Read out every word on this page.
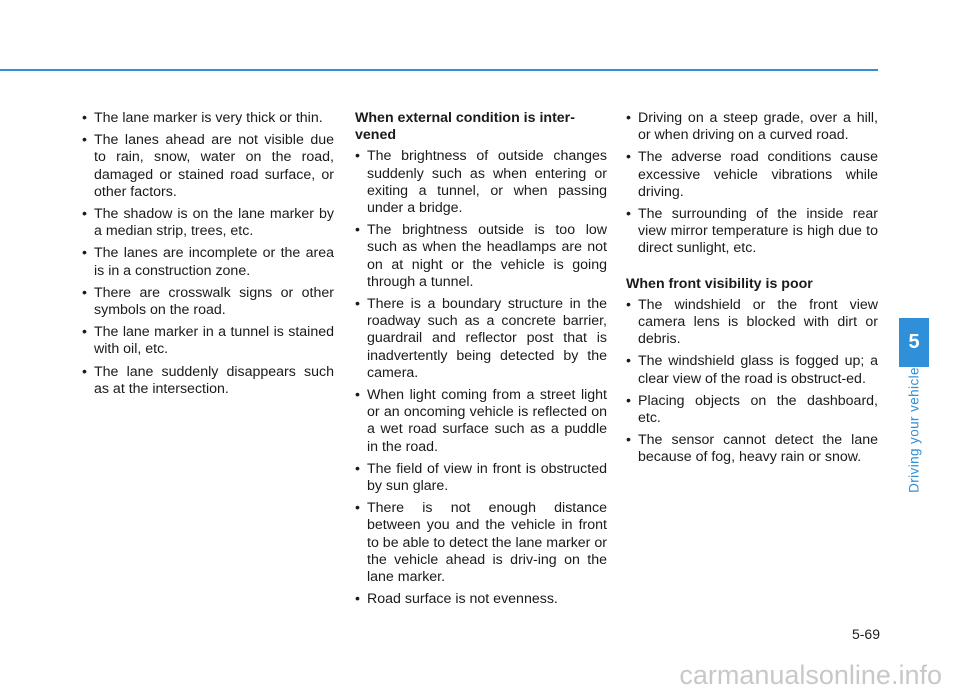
• The lane marker is very thick or thin.
• The lanes ahead are not visible due to rain, snow, water on the road, damaged or stained road surface, or other factors.
• The shadow is on the lane marker by a median strip, trees, etc.
• The lanes are incomplete or the area is in a construction zone.
• There are crosswalk signs or other symbols on the road.
• The lane marker in a tunnel is stained with oil, etc.
• The lane suddenly disappears such as at the intersection.
When external condition is inter-vened
• The brightness of outside changes suddenly such as when entering or exiting a tunnel, or when passing under a bridge.
• The brightness outside is too low such as when the headlamps are not on at night or the vehicle is going through a tunnel.
• There is a boundary structure in the roadway such as a concrete barrier, guardrail and reflector post that is inadvertently being detected by the camera.
• When light coming from a street light or an oncoming vehicle is reflected on a wet road surface such as a puddle in the road.
• The field of view in front is obstructed by sun glare.
• There is not enough distance between you and the vehicle in front to be able to detect the lane marker or the vehicle ahead is driv-ing on the lane marker.
• Road surface is not evenness.
• Driving on a steep grade, over a hill, or when driving on a curved road.
• The adverse road conditions cause excessive vehicle vibrations while driving.
• The surrounding of the inside rear view mirror temperature is high due to direct sunlight, etc.
When front visibility is poor
• The windshield or the front view camera lens is blocked with dirt or debris.
• The windshield glass is fogged up; a clear view of the road is obstruct-ed.
• Placing objects on the dashboard, etc.
• The sensor cannot detect the lane because of fog, heavy rain or snow.
5
Driving your vehicle
5-69
carmanualsonline.info
